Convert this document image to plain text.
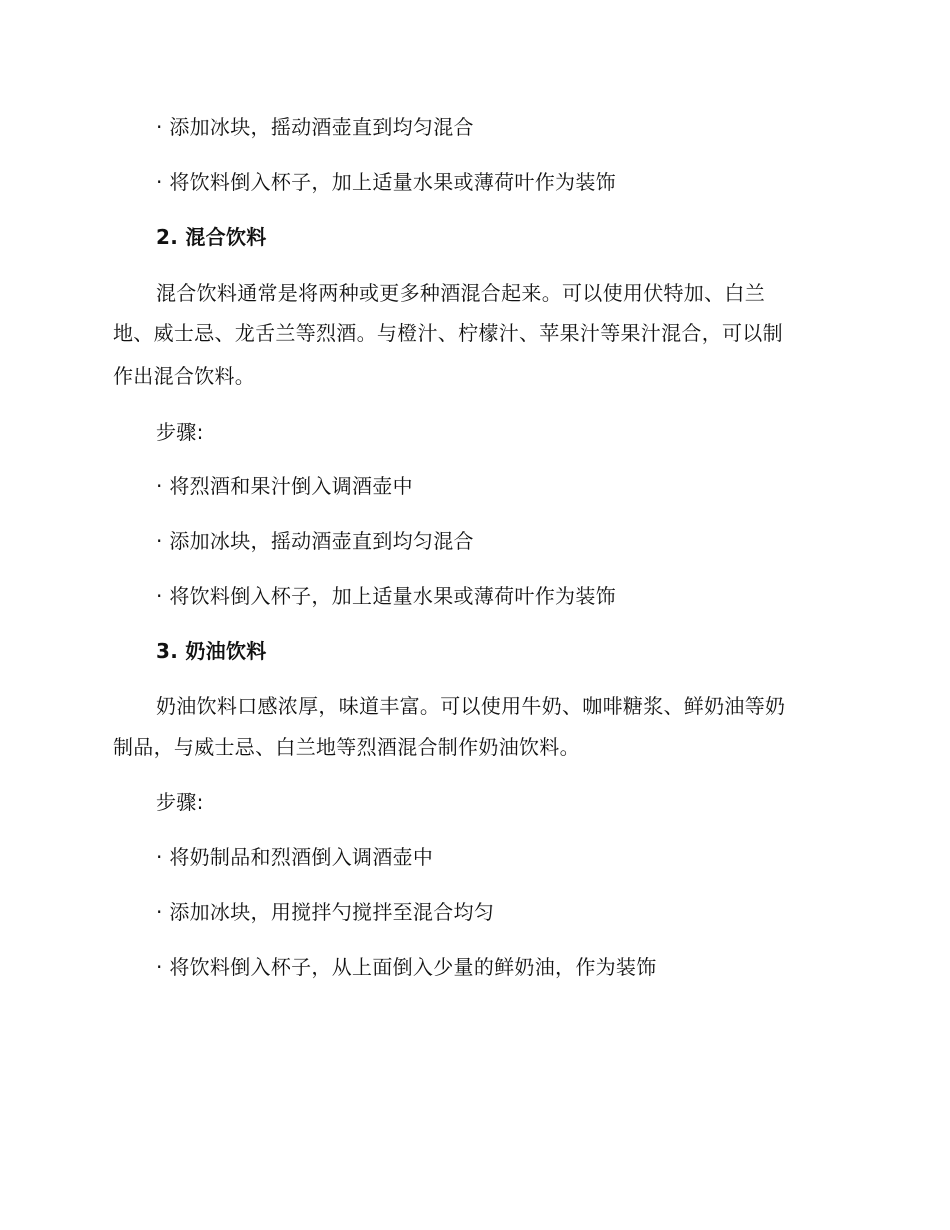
· 添加冰块，摇动酒壶直到均匀混合
· 将饮料倒入杯子，加上适量水果或薄荷叶作为装饰
2. 混合饮料
混合饮料通常是将两种或更多种酒混合起来。可以使用伏特加、白兰
地、威士忌、龙舌兰等烈酒。与橙汁、柠檬汁、苹果汁等果汁混合，可以制
作出混合饮料。
步骤:
· 将烈酒和果汁倒入调酒壶中
· 添加冰块，摇动酒壶直到均匀混合
· 将饮料倒入杯子，加上适量水果或薄荷叶作为装饰
3. 奶油饮料
奶油饮料口感浓厚，味道丰富。可以使用牛奶、咖啡糖浆、鲜奶油等奶
制品，与威士忌、白兰地等烈酒混合制作奶油饮料。
步骤:
· 将奶制品和烈酒倒入调酒壶中
· 添加冰块，用搅拌勺搅拌至混合均匀
· 将饮料倒入杯子，从上面倒入少量的鲜奶油，作为装饰
